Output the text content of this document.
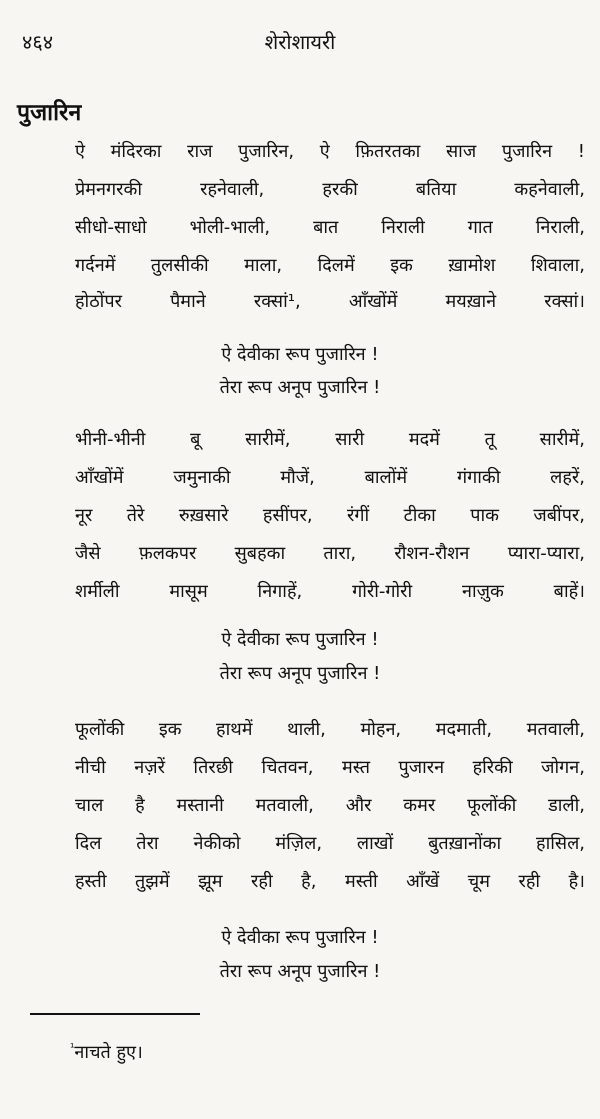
४६४	शेरोशायरी
पुजारिन
ऐ मंदिरका राज पुजारिन, ऐ फ़ितरतका साज पुजारिन !
प्रेमनगरकी रहनेवाली, हरकी बतिया कहनेवाली,
सीधो-साधो भोली-भाली, बात निराली गात निराली,
गर्दनमें तुलसीकी माला, दिलमें इक ख़ामोश शिवाला,
होठोंपर पैमाने रक्सां¹, आँखोंमें मयख़ाने रक्सां।
ऐ देवीका रूप पुजारिन !
तेरा रूप अनूप पुजारिन !
भीनी-भीनी बू सारीमें, सारी मदमें तू सारीमें,
आँखोंमें जमुनाकी मौजें, बालोंमें गंगाकी लहरें,
नूर तेरे रुख़सारे हसींपर, रंगीं टीका पाक जबींपर,
जैसे फ़लकपर सुबहका तारा, रौशन-रौशन प्यारा-प्यारा,
शर्मीली मासूम निगाहें, गोरी-गोरी नाज़ुक बाहें।
ऐ देवीका रूप पुजारिन !
तेरा रूप अनूप पुजारिन !
फूलोंकी इक हाथमें थाली, मोहन, मदमाती, मतवाली,
नीची नज़रें तिरछी चितवन, मस्त पुजारन हरिकी जोगन,
चाल है मस्तानी मतवाली, और कमर फूलोंकी डाली,
दिल तेरा नेकीको मंज़िल, लाखों बुतख़ानोंका हासिल,
हस्ती तुझमें झूम रही है, मस्ती आँखें चूम रही है।
ऐ देवीका रूप पुजारिन !
तेरा रूप अनूप पुजारिन !
$^{^1}$नाचते हुए।
